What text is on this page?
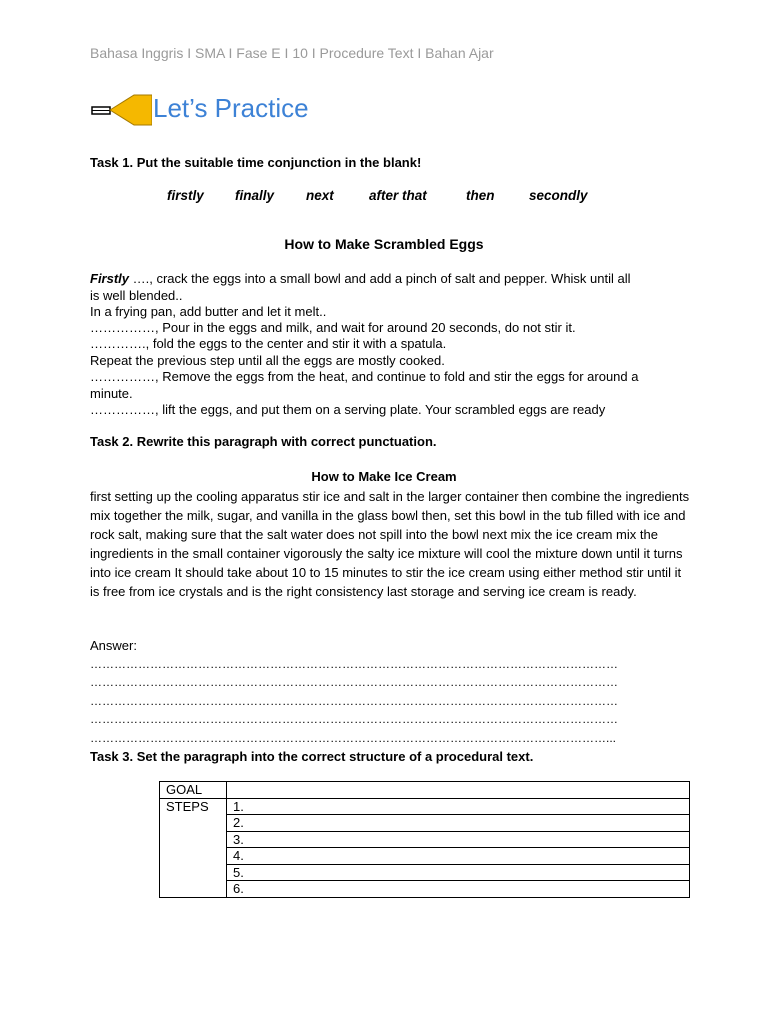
Bahasa Inggris I SMA I Fase E I 10 I Procedure Text I Bahan Ajar
Let’s Practice
Task 1. Put the suitable time conjunction in the blank!
firstly finally next	after that	then	secondly
How to Make Scrambled Eggs
Firstly …., crack the eggs into a small bowl and add a pinch of salt and pepper. Whisk until all
is well blended..
In a frying pan, add butter and let it melt..
……………, Pour in the eggs and milk, and wait for around 20 seconds, do not stir it.
…………., fold the eggs to the center and stir it with a spatula.
Repeat the previous step until all the eggs are mostly cooked.
……………, Remove the eggs from the heat, and continue to fold and stir the eggs for around a
minute.
……………, lift the eggs, and put them on a serving plate. Your scrambled eggs are ready
Task 2. Rewrite this paragraph with correct punctuation.
How to Make Ice Cream

first setting up the cooling apparatus stir ice and salt in the larger container then combine the ingredients mix together the milk, sugar, and vanilla in the glass bowl then, set this bowl in the tub filled with ice and rock salt, making sure that the salt water does not spill into the bowl next mix the ice cream mix the ingredients in the small container vigorously the salty ice mixture will cool the mixture down until it turns into ice cream It should take about 10 to 15 minutes to stir the ice cream using either method stir until it is free from ice crystals and is the right consistency last storage and serving ice cream is ready.

Answer:
……………………………………………………………………………………………………………………
……………………………………………………………………………………………………………………
……………………………………………………………………………………………………………………
……………………………………………………………………………………………………………………
…………………………………………………………………………………………………………………...
Task 3. Set the paragraph into the correct structure of a procedural text.
GOAL	
STEPS	1.
	2.
	3.
	4.
	5.
	6.
